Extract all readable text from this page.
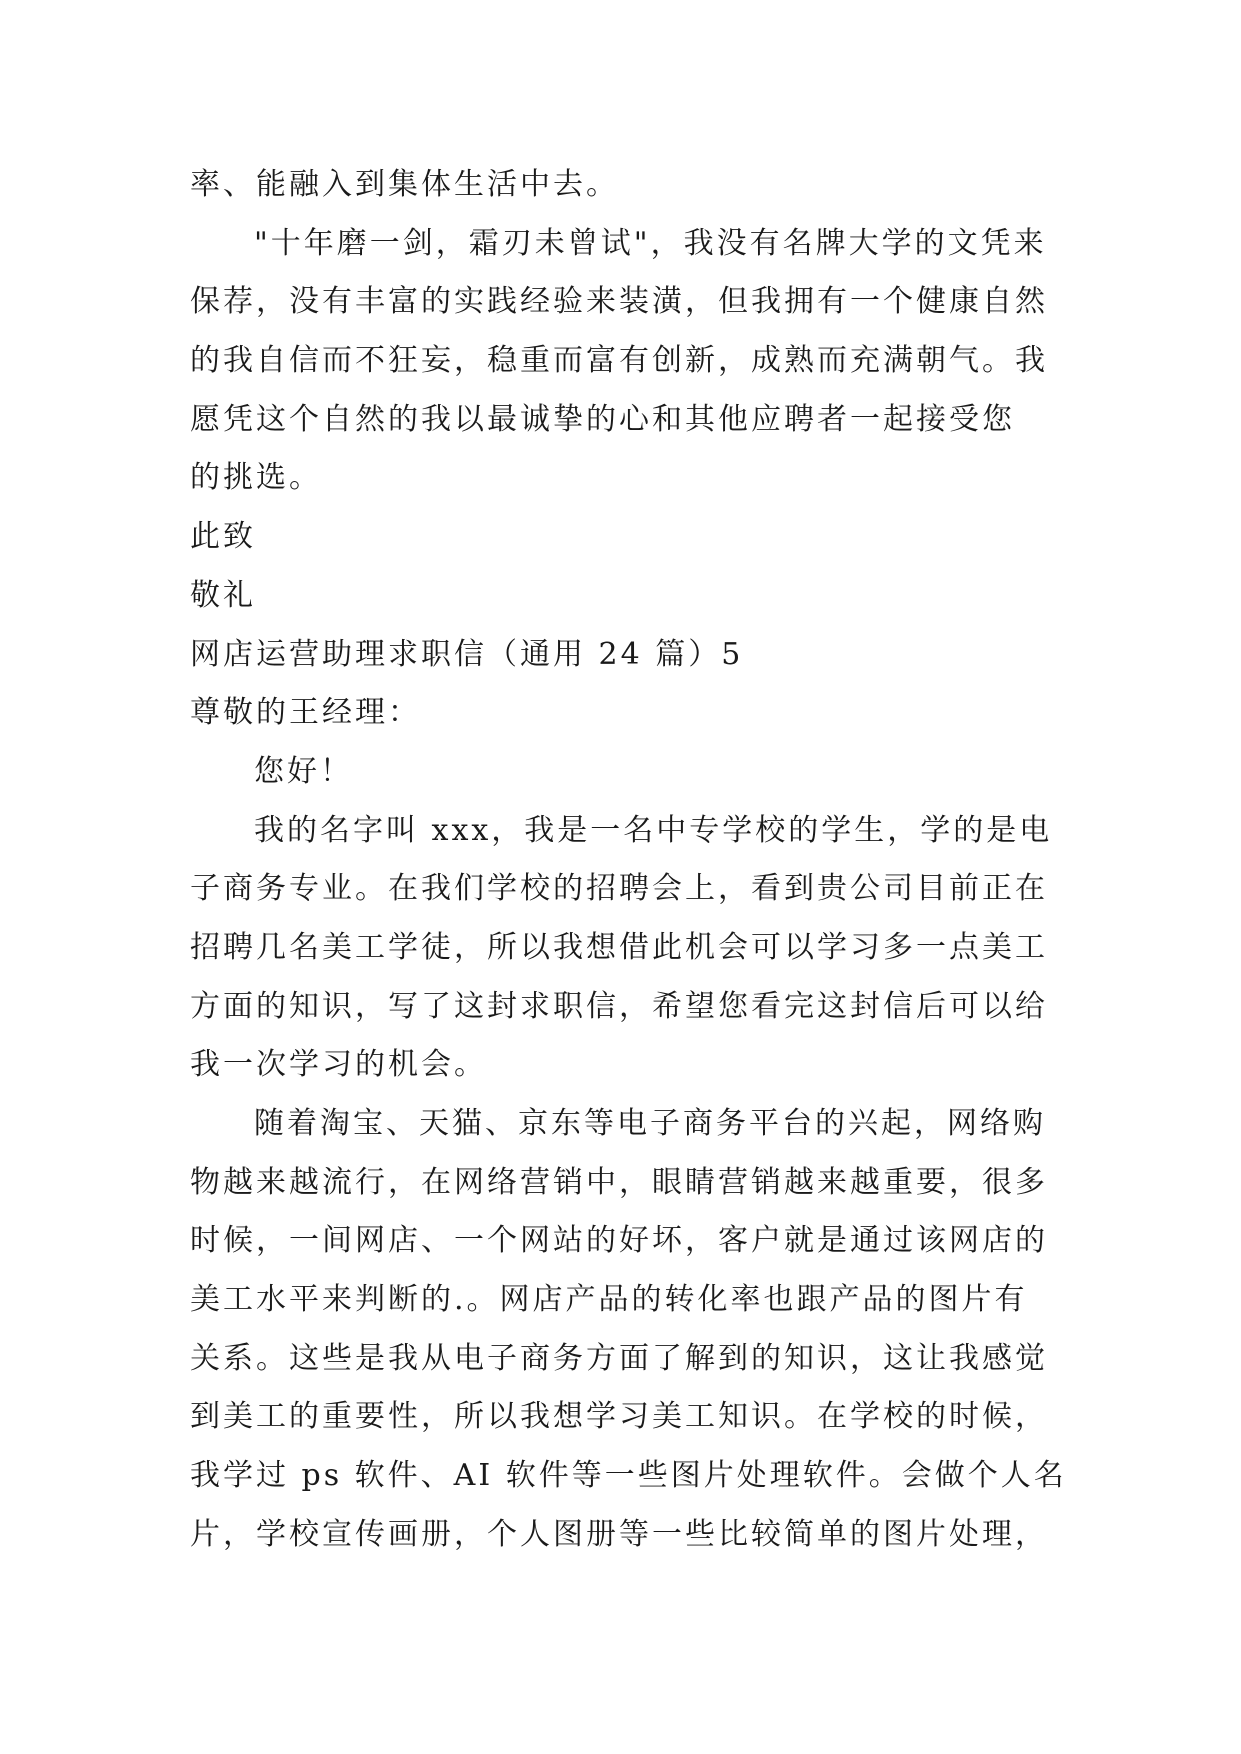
率、能融入到集体生活中去。
"十年磨一剑，霜刃未曾试"，我没有名牌大学的文凭来
保荐，没有丰富的实践经验来装潢，但我拥有一个健康自然
的我自信而不狂妄，稳重而富有创新，成熟而充满朝气。我
愿凭这个自然的我以最诚挚的心和其他应聘者一起接受您
的挑选。
此致
敬礼
网店运营助理求职信（通用 24 篇）5
尊敬的王经理：
您好！
我的名字叫 xxx，我是一名中专学校的学生，学的是电
子商务专业。在我们学校的招聘会上，看到贵公司目前正在
招聘几名美工学徒，所以我想借此机会可以学习多一点美工
方面的知识，写了这封求职信，希望您看完这封信后可以给
我一次学习的机会。
随着淘宝、天猫、京东等电子商务平台的兴起，网络购
物越来越流行，在网络营销中，眼睛营销越来越重要，很多
时候，一间网店、一个网站的好坏，客户就是通过该网店的
美工水平来判断的.。网店产品的转化率也跟产品的图片有
关系。这些是我从电子商务方面了解到的知识，这让我感觉
到美工的重要性，所以我想学习美工知识。在学校的时候，
我学过 ps 软件、AI 软件等一些图片处理软件。会做个人名
片，学校宣传画册，个人图册等一些比较简单的图片处理，
